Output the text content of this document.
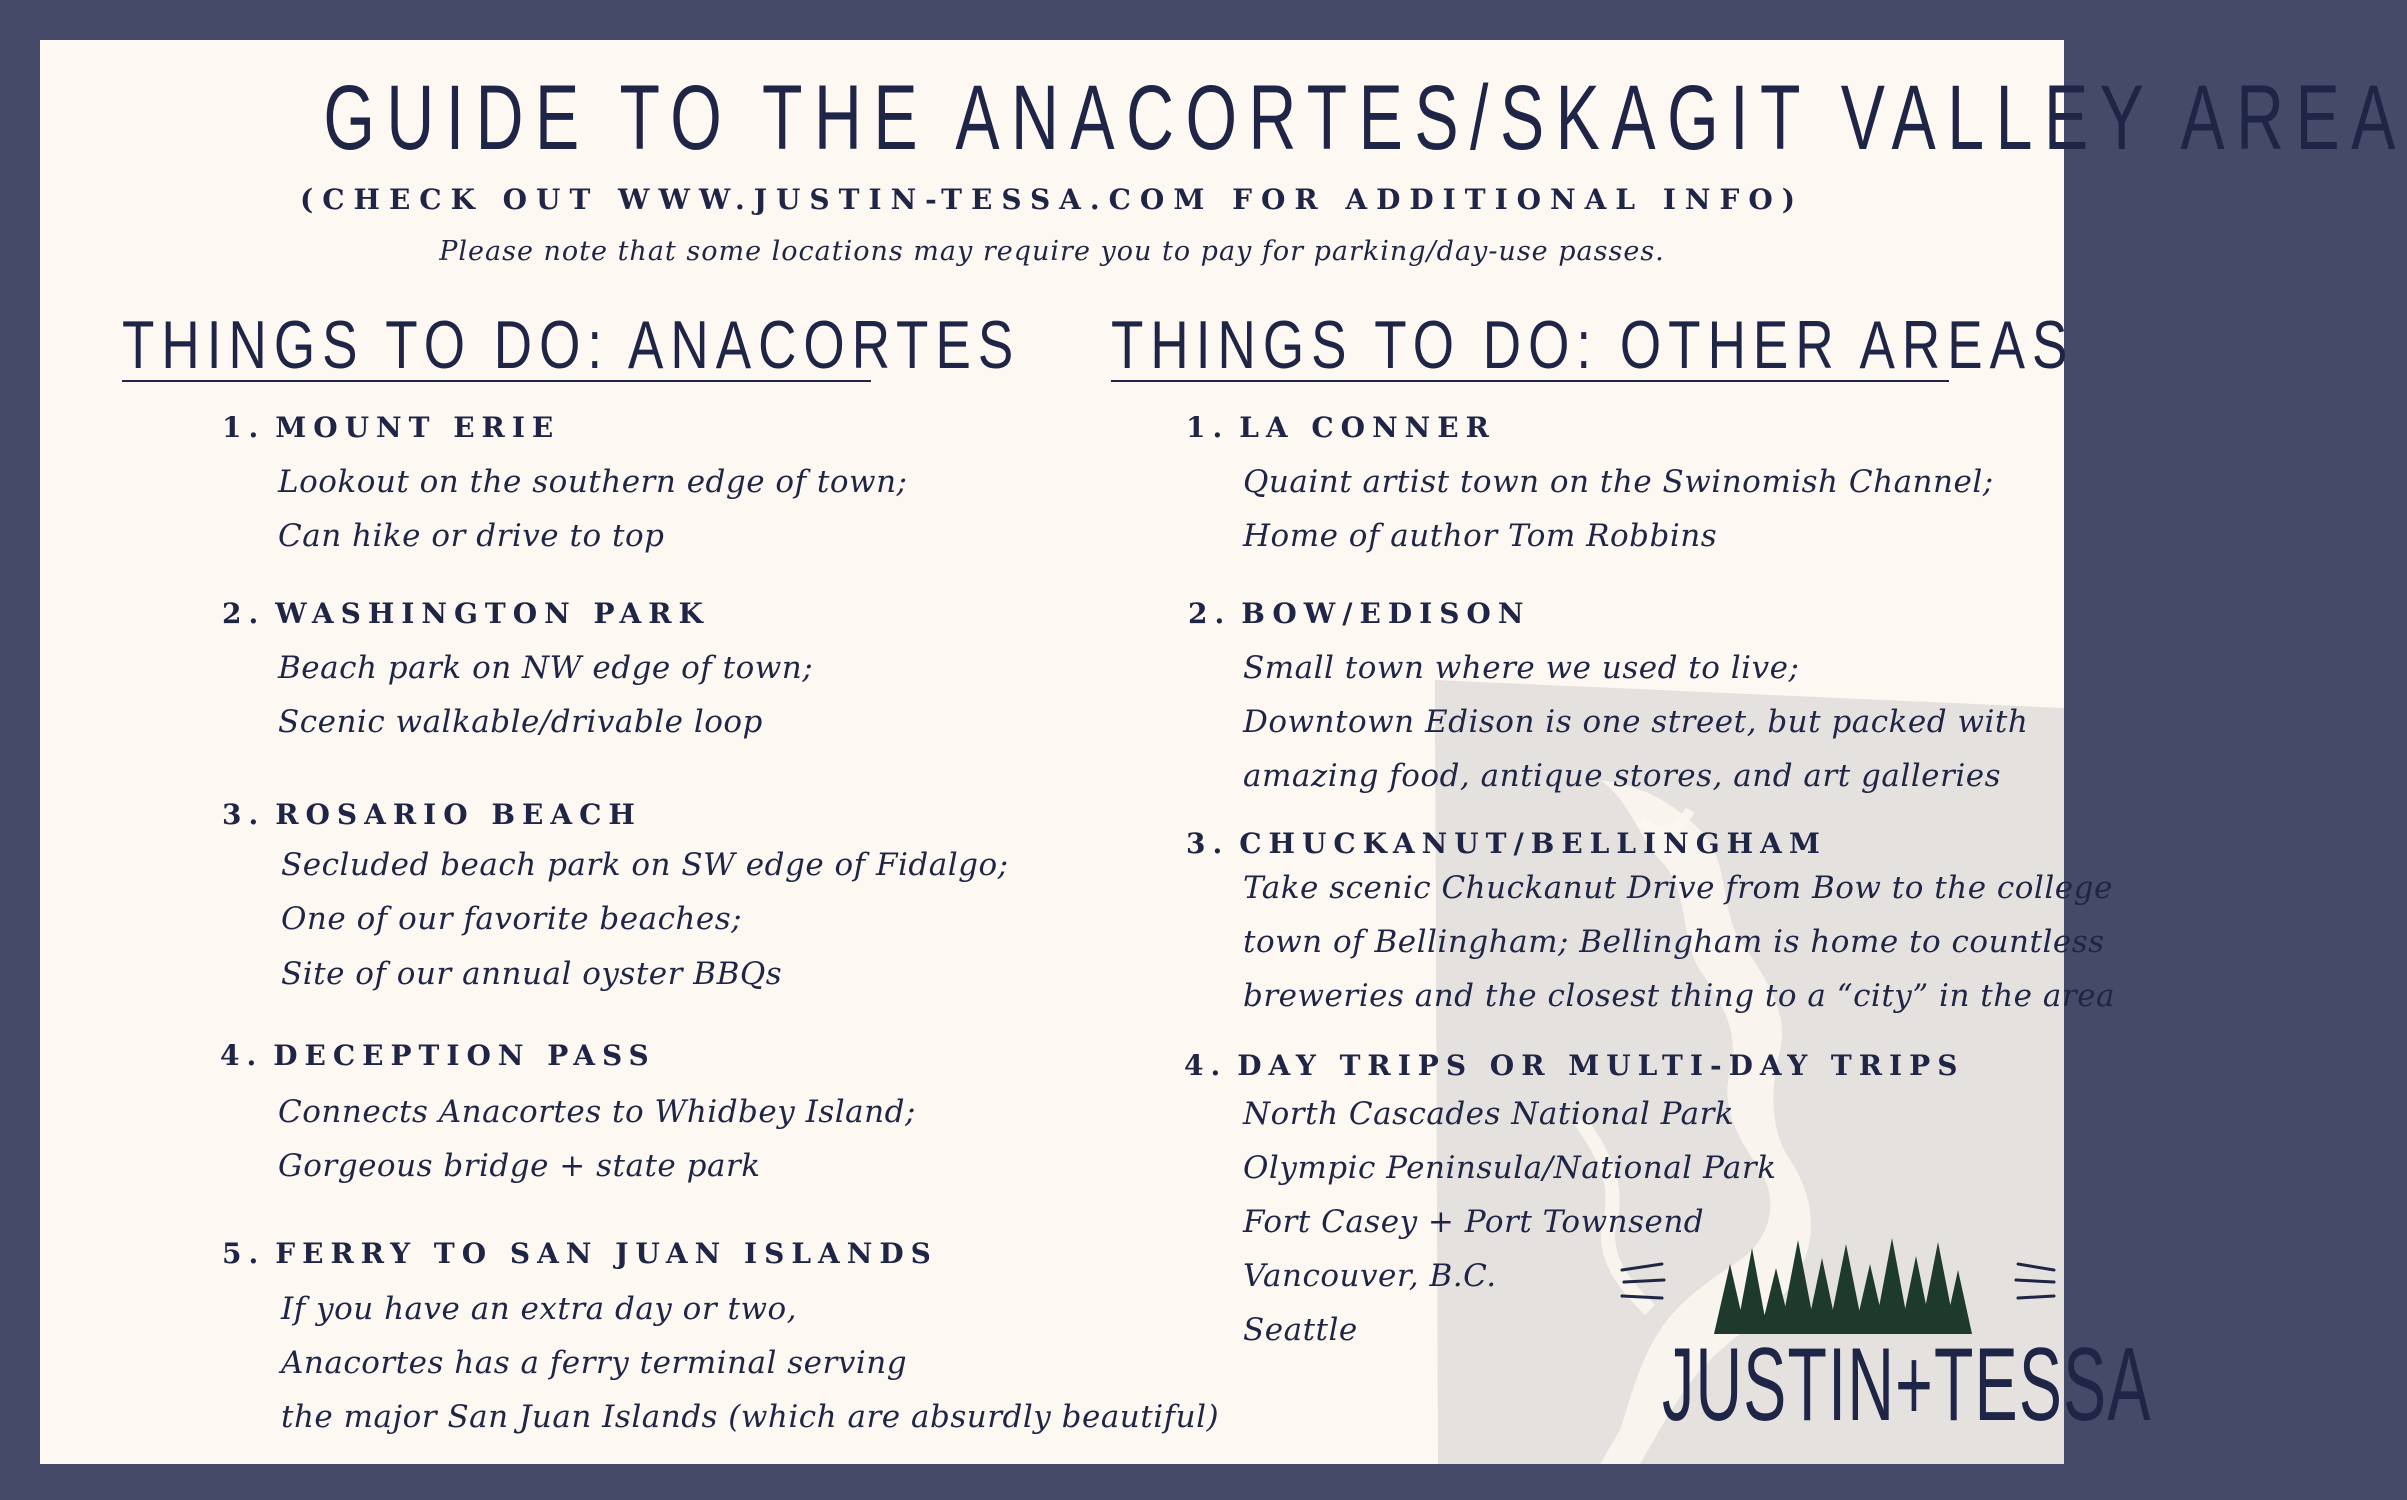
GUIDE TO THE ANACORTES/SKAGIT VALLEY AREA
(CHECK OUT WWW.JUSTIN-TESSA.COM FOR ADDITIONAL INFO)
Please note that some locations may require you to pay for parking/day-use passes.
THINGS TO DO: ANACORTES
1. MOUNT ERIE
Lookout on the southern edge of town;
Can hike or drive to top
2. WASHINGTON PARK
Beach park on NW edge of town;
Scenic walkable/drivable loop
3. ROSARIO BEACH
Secluded beach park on SW edge of Fidalgo;
One of our favorite beaches;
Site of our annual oyster BBQs
4. DECEPTION PASS
Connects Anacortes to Whidbey Island;
Gorgeous bridge + state park
5. FERRY TO SAN JUAN ISLANDS
If you have an extra day or two,
Anacortes has a ferry terminal serving
the major San Juan Islands (which are absurdly beautiful)
THINGS TO DO: OTHER AREAS
1. LA CONNER
Quaint artist town on the Swinomish Channel;
Home of author Tom Robbins
2. BOW/EDISON
Small town where we used to live;
Downtown Edison is one street, but packed with
amazing food, antique stores, and art galleries
3. CHUCKANUT/BELLINGHAM
Take scenic Chuckanut Drive from Bow to the college
town of Bellingham; Bellingham is home to countless
breweries and the closest thing to a “city” in the area
4. DAY TRIPS OR MULTI-DAY TRIPS
North Cascades National Park
Olympic Peninsula/National Park
Fort Casey + Port Townsend
Vancouver, B.C.
Seattle	JUSTIN+TESSA
